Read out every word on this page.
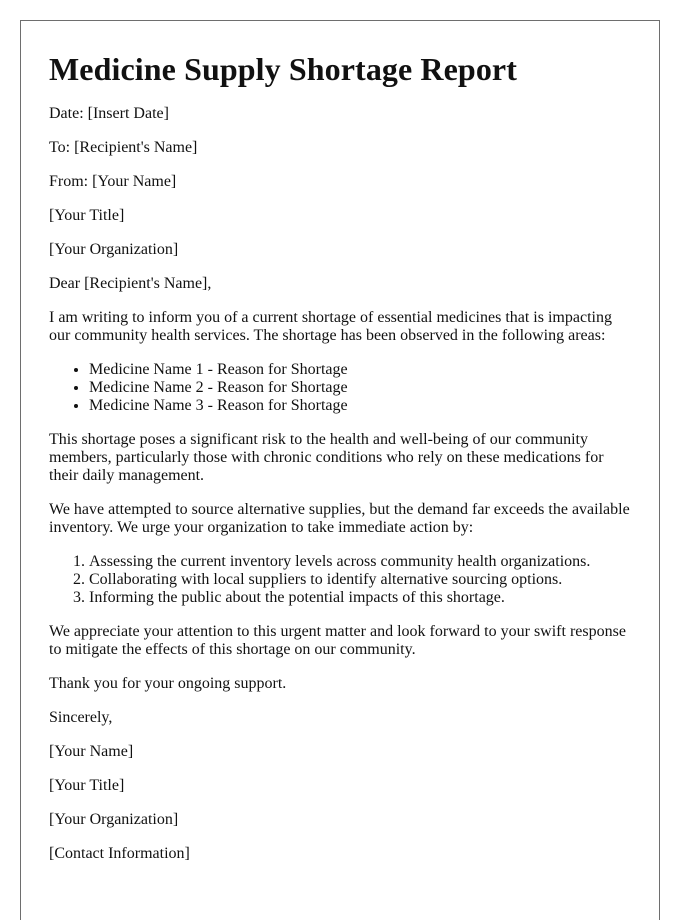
Medicine Supply Shortage Report

Date: [Insert Date]

To: [Recipient's Name]

From: [Your Name]

[Your Title]

[Your Organization]

Dear [Recipient's Name],

I am writing to inform you of a current shortage of essential medicines that is impacting our community health services. The shortage has been observed in the following areas:

• Medicine Name 1 - Reason for Shortage
• Medicine Name 2 - Reason for Shortage
• Medicine Name 3 - Reason for Shortage

This shortage poses a significant risk to the health and well-being of our community members, particularly those with chronic conditions who rely on these medications for their daily management.

We have attempted to source alternative supplies, but the demand far exceeds the available inventory. We urge your organization to take immediate action by:

1. Assessing the current inventory levels across community health organizations.
2. Collaborating with local suppliers to identify alternative sourcing options.
3. Informing the public about the potential impacts of this shortage.

We appreciate your attention to this urgent matter and look forward to your swift response to mitigate the effects of this shortage on our community.

Thank you for your ongoing support.

Sincerely,

[Your Name]

[Your Title]

[Your Organization]

[Contact Information]
